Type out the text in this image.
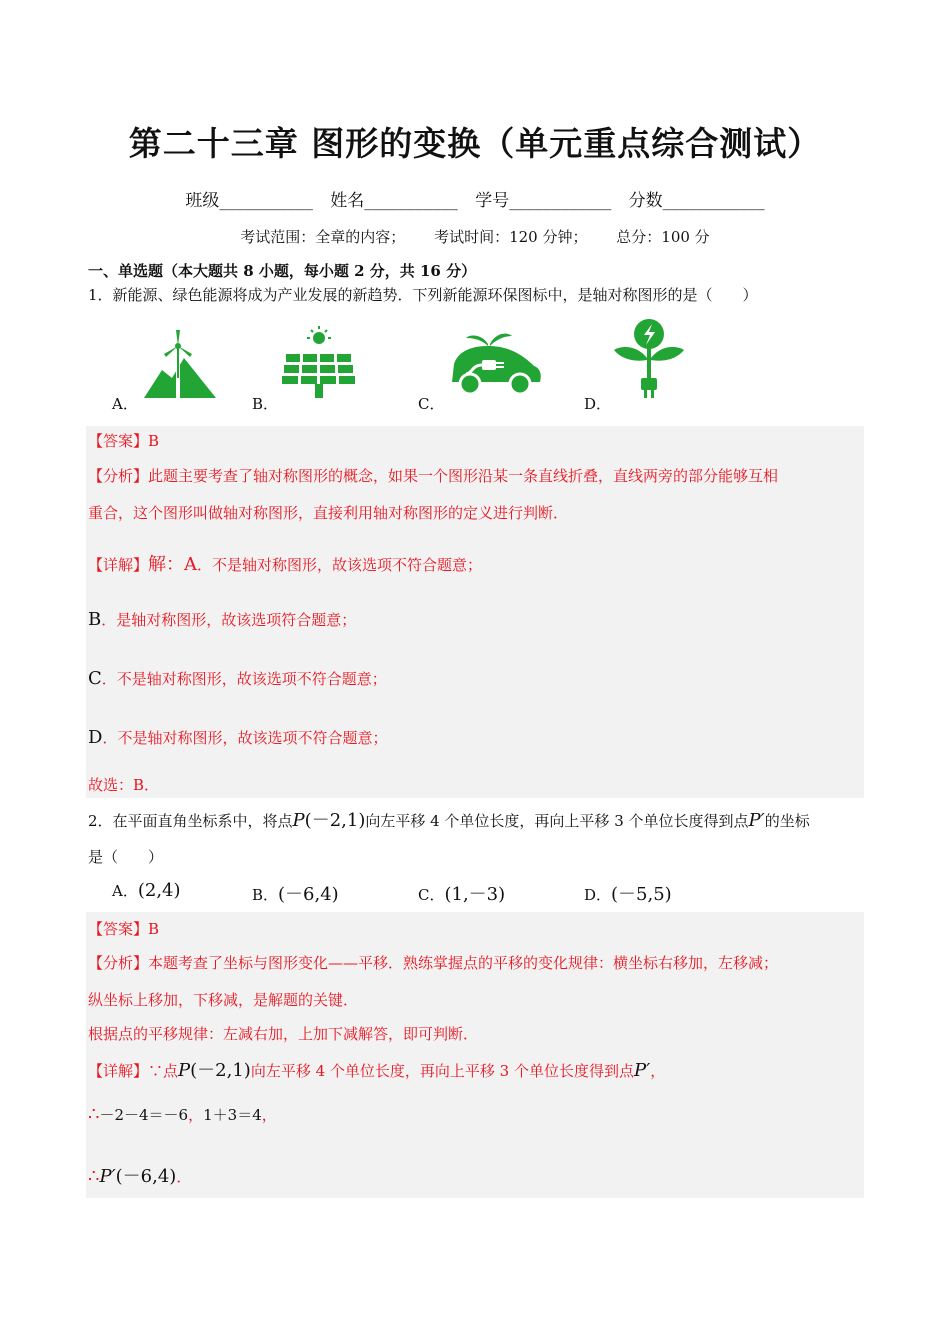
第二十三章 图形的变换（单元重点综合测试）
班级___________ 姓名___________ 学号____________ 分数____________
考试范围：全章的内容； 考试时间：120 分钟； 总分：100 分
一、单选题（本大题共 8 小题，每小题 2 分，共 16 分）
1．新能源、绿色能源将成为产业发展的新趋势．下列新能源环保图标中，是轴对称图形的是（　　）
A．	B．	C．	D．
【答案】B
【分析】此题主要考查了轴对称图形的概念，如果一个图形沿某一条直线折叠，直线两旁的部分能够互相
重合，这个图形叫做轴对称图形，直接利用轴对称图形的定义进行判断．
【详解】解：A．不是轴对称图形，故该选项不符合题意；
B．是轴对称图形，故该选项符合题意；
C．不是轴对称图形，故该选项不符合题意；
D．不是轴对称图形，故该选项不符合题意；
故选：B．
2．在平面直角坐标系中，将点P(－2,1)向左平移 4 个单位长度，再向上平移 3 个单位长度得到点P′的坐标
是（　　）
A．(2,4)	B．(－6,4)	C．(1,－3)	D．(－5,5)
【答案】B
【分析】本题考查了坐标与图形变化——平移．熟练掌握点的平移的变化规律：横坐标右移加，左移减；
纵坐标上移加，下移减，是解题的关键．
根据点的平移规律：左减右加，上加下减解答，即可判断．
【详解】∵点P(－2,1)向左平移 4 个单位长度，再向上平移 3 个单位长度得到点P′，
∴－2－4＝－6，1＋3＝4，
∴P′(－6,4)．
